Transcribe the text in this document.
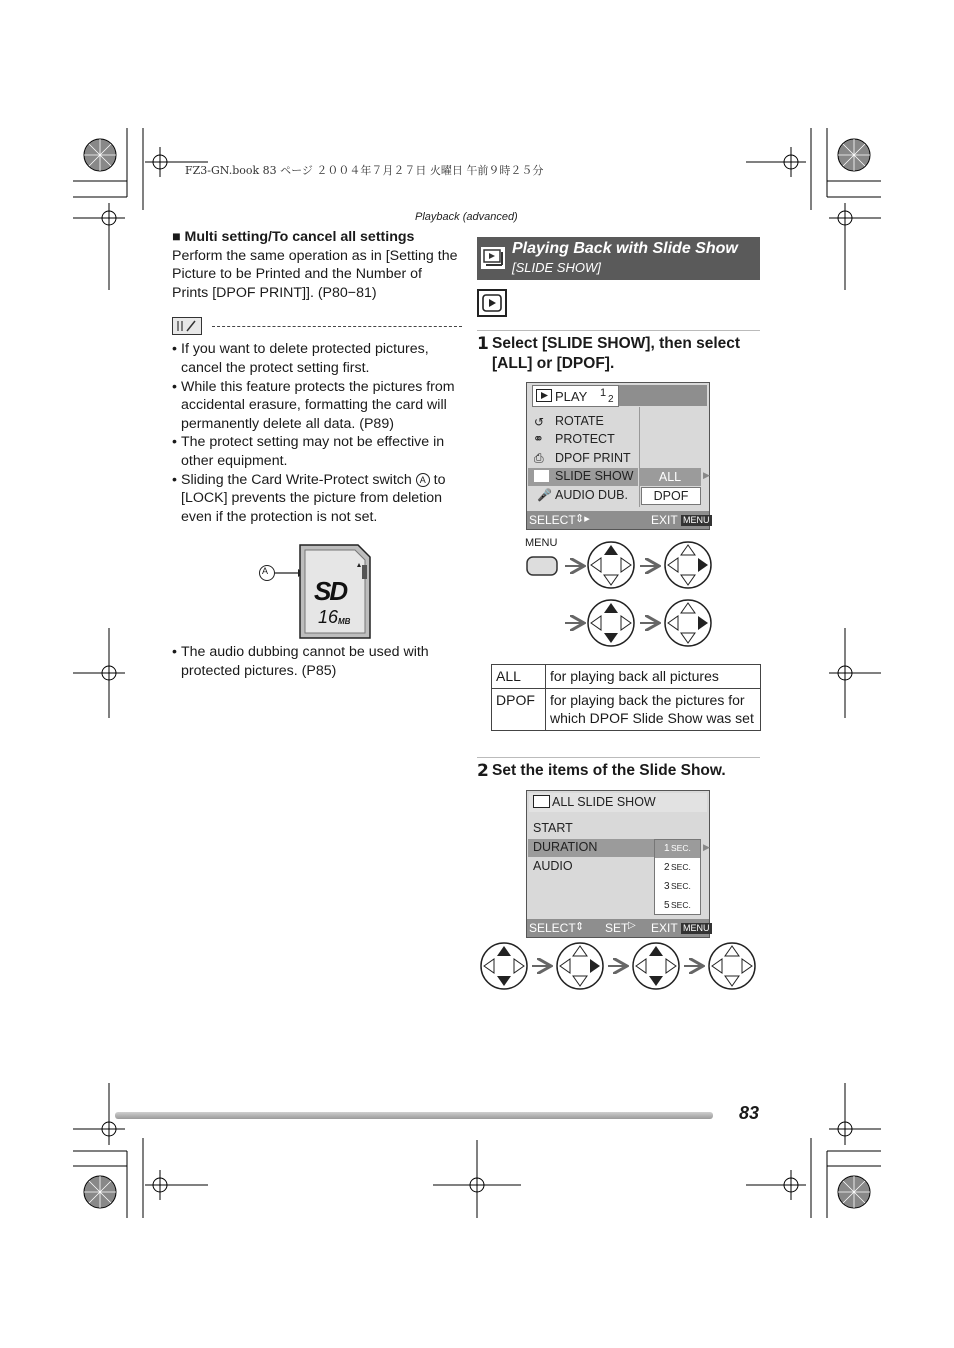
FZ3-GN.book 83 ページ ２００４年７月２７日 火曜日 午前９時２５分
Playback (advanced)

■ Multi setting/To cancel all settings

Perform the same operation as in [Setting the Picture to be Printed and the Number of Prints [DPOF PRINT]]. (P80−81)

• If you want to delete protected pictures, cancel the protect setting first.
• While this feature protects the pictures from accidental erasure, formatting the card will permanently delete all data. (P89)
• The protect setting may not be effective in other equipment.
• Sliding the Card Write-Protect switch A to [LOCK] prevents the picture from deletion even if the protection is not set.
A
SD
16 MB
• The audio dubbing cannot be used with protected pictures. (P85)
Playing Back with Slide Show
[SLIDE SHOW]
1 Select [SLIDE SHOW], then select [ALL] or [DPOF].
PLAY 1
2
↺ ROTATE
⚭ PROTECT
⎙ DPOF PRINT
SLIDE SHOW
🎤 AUDIO DUB.
ALL
DPOF
▶
SELECT ⇕▸	EXIT MENU
MENU
ALL	for playing back all pictures
DPOF	for playing back the pictures for which DPOF Slide Show was set
2 Set the items of the Slide Show.
ALL SLIDE SHOW
START
DURATION
AUDIO
1 SEC.
2 SEC.
3 SEC.
5 SEC.
▶
SELECT ⇕ SET ▷ EXIT MENU
83
